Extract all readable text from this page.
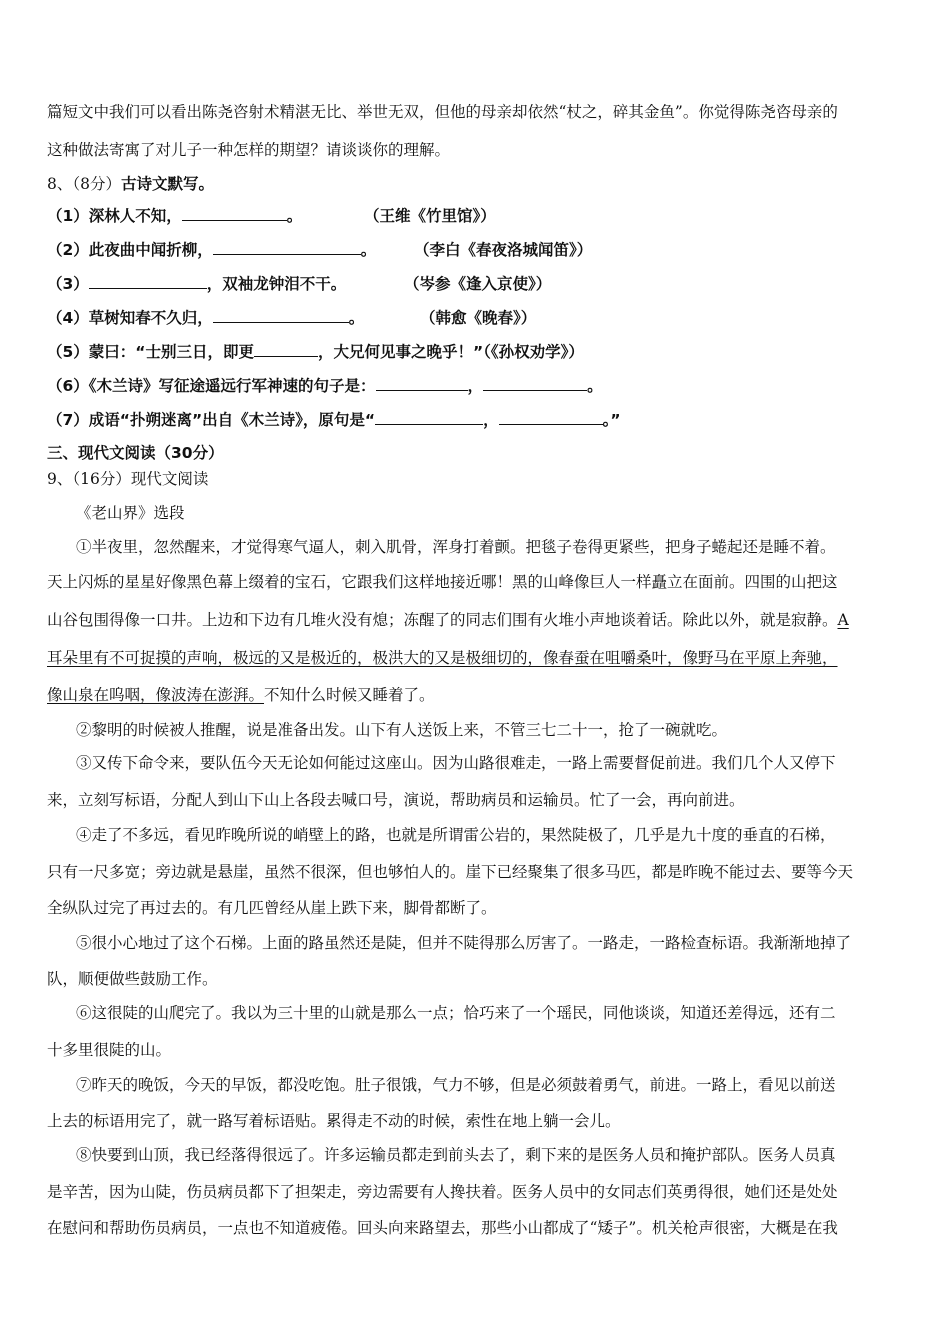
篇短文中我们可以看出陈尧咨射术精湛无比、举世无双，但他的母亲却依然“杖之，碎其金鱼”。你觉得陈尧咨母亲的
这种做法寄寓了对儿子一种怎样的期望？请谈谈你的理解。
8、（8分）古诗文默写。
（1）深林人不知，	。	（王维《竹里馆》）
（2）此夜曲中闻折柳，	。	（李白《春夜洛城闻笛》）
（3）	，双袖龙钟泪不干。	（岑参《逢入京使》）
（4）草树知春不久归，	。	（韩愈《晚春》）
（5）蒙曰：“士别三日，即更	，大兄何见事之晚乎！”（《孙权劝学》）
（6）《木兰诗》写征途遥远行军神速的句子是：	，	。
（7）成语“扑朔迷离”出自《木兰诗》，原句是“	，	。”
三、现代文阅读（30分）
9、（16分）现代文阅读
《老山界》选段
①半夜里，忽然醒来，才觉得寒气逼人，刺入肌骨，浑身打着颤。把毯子卷得更紧些，把身子蜷起还是睡不着。
天上闪烁的星星好像黑色幕上缀着的宝石，它跟我们这样地接近哪！黑的山峰像巨人一样矗立在面前。四围的山把这
山谷包围得像一口井。上边和下边有几堆火没有熄；冻醒了的同志们围有火堆小声地谈着话。除此以外，就是寂静。A
耳朵里有不可捉摸的声响，极远的又是极近的，极洪大的又是极细切的，像春蚕在咀嚼桑叶，像野马在平原上奔驰，
像山泉在呜咽，像波涛在澎湃。不知什么时候又睡着了。
②黎明的时候被人推醒，说是准备出发。山下有人送饭上来，不管三七二十一，抢了一碗就吃。
③又传下命令来，要队伍今天无论如何能过这座山。因为山路很难走，一路上需要督促前进。我们几个人又停下
来，立刻写标语，分配人到山下山上各段去喊口号，演说，帮助病员和运输员。忙了一会，再向前进。
④走了不多远，看见昨晚所说的峭壁上的路，也就是所谓雷公岩的，果然陡极了，几乎是九十度的垂直的石梯，
只有一尺多宽；旁边就是悬崖，虽然不很深，但也够怕人的。崖下已经聚集了很多马匹，都是昨晚不能过去、要等今天
全纵队过完了再过去的。有几匹曾经从崖上跌下来，脚骨都断了。
⑤很小心地过了这个石梯。上面的路虽然还是陡，但并不陡得那么厉害了。一路走，一路检查标语。我渐渐地掉了
队，顺便做些鼓励工作。
⑥这很陡的山爬完了。我以为三十里的山就是那么一点；恰巧来了一个瑶民，同他谈谈，知道还差得远，还有二
十多里很陡的山。
⑦昨天的晚饭，今天的早饭，都没吃饱。肚子很饿，气力不够，但是必须鼓着勇气，前进。一路上，看见以前送
上去的标语用完了，就一路写着标语贴。累得走不动的时候，索性在地上躺一会儿。
⑧快要到山顶，我已经落得很远了。许多运输员都走到前头去了，剩下来的是医务人员和掩护部队。医务人员真
是辛苦，因为山陡，伤员病员都下了担架走，旁边需要有人搀扶着。医务人员中的女同志们英勇得很，她们还是处处
在慰问和帮助伤员病员，一点也不知道疲倦。回头向来路望去，那些小山都成了“矮子”。机关枪声很密，大概是在我
